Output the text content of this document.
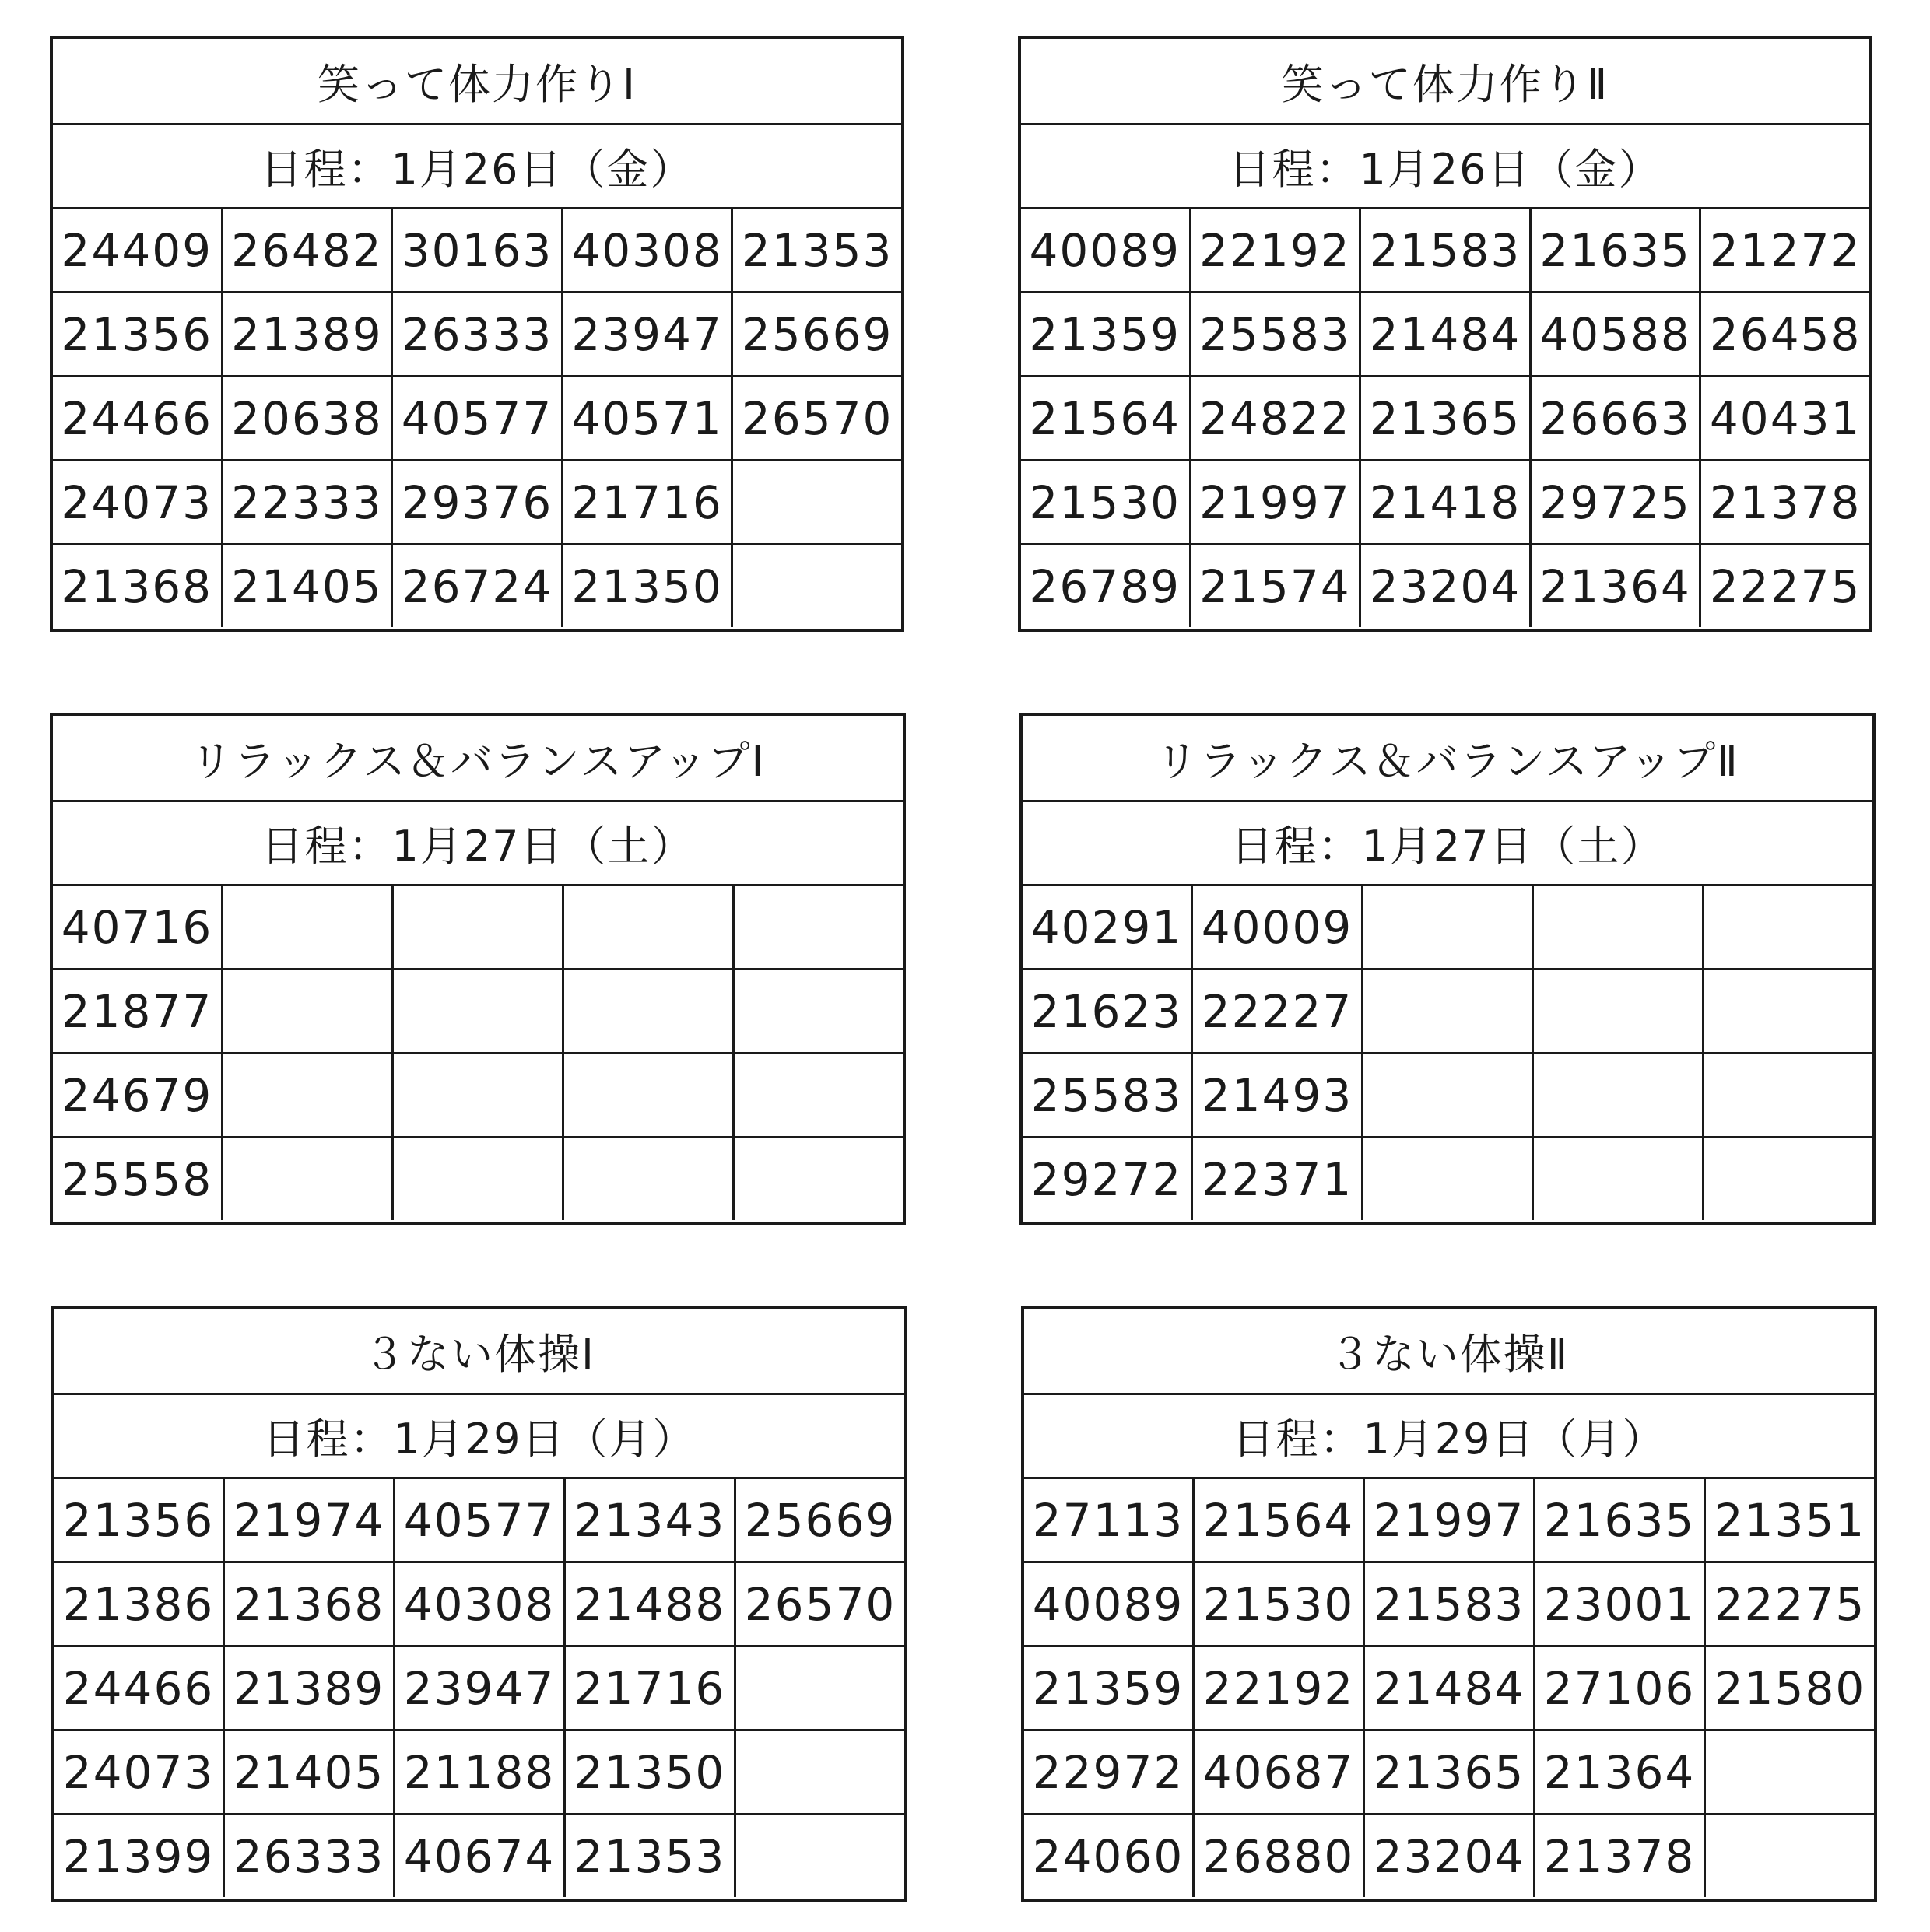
笑って体力作りⅠ
日程：1月26日（金）
24409 26482 30163 40308 21353
21356 21389 26333 23947 25669
24466 20638 40577 40571 26570
24073 22333 29376 21716
21368 21405 26724 21350
笑って体力作りⅡ
日程：1月26日（金）
40089 22192 21583 21635 21272
21359 25583 21484 40588 26458
21564 24822 21365 26663 40431
21530 21997 21418 29725 21378
26789 21574 23204 21364 22275
リラックス＆バランスアップⅠ
日程：1月27日（土）
40716
21877
24679
25558
リラックス＆バランスアップⅡ
日程：1月27日（土）
40291 40009
21623 22227
25583 21493
29272 22371
３ない体操Ⅰ
日程：1月29日（月）
21356 21974 40577 21343 25669
21386 21368 40308 21488 26570
24466 21389 23947 21716
24073 21405 21188 21350
21399 26333 40674 21353
３ない体操Ⅱ
日程：1月29日（月）
27113 21564 21997 21635 21351
40089 21530 21583 23001 22275
21359 22192 21484 27106 21580
22972 40687 21365 21364
24060 26880 23204 21378
